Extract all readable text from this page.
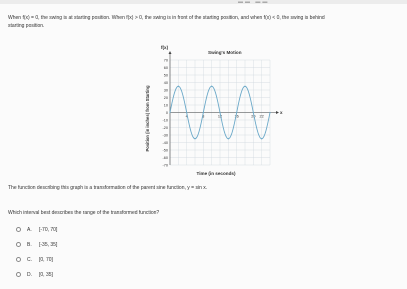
▬▬ ▬▬
When f(x) = 0, the swing is at starting position. When f(x) > 0, the swing is in front of the starting position, and when f(x) < 0, the swing is behind
starting position.
Swing's Motion
f(x)
x
Time (in seconds)
Position (in inches) from Starting
70
60
50
40
30
20
10
0
-10
-20
-30
-40
-50
-60
-70
4	8	12	16	20 22
The function describing this graph is a transformation of the parent sine function, y = sin x.
Which interval best describes the range of the transformed function?
A.	[-70, 70]
B.	[-35, 35]
C.	[0, 70]
D.	[0, 35]
